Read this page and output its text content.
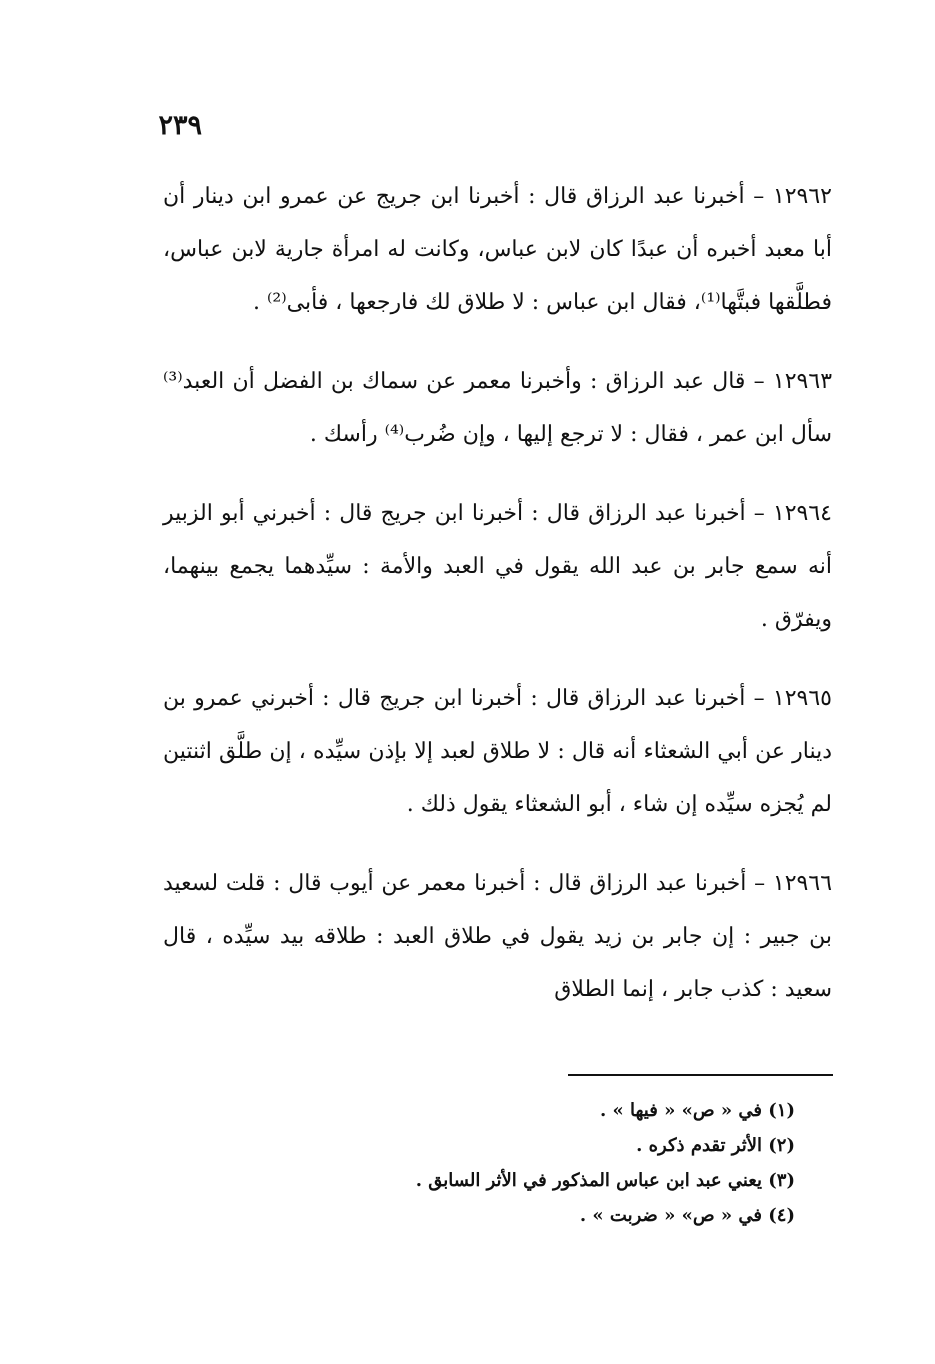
٢٣٩

١٢٩٦٢ – أخبرنا عبد الرزاق قال : أخبرنا ابن جريج عن عمرو ابن دينار أن أبا معبد أخبره أن عبدًا كان لابن عباس، وكانت له امرأة جارية لابن عباس، فطلَّقها فبتَّها⁽¹⁾، فقال ابن عباس : لا طلاق لك فارجعها ، فأبى⁽²⁾ .

١٢٩٦٣ – قال عبد الرزاق : وأخبرنا معمر عن سماك بن الفضل أن العبد⁽³⁾ سأل ابن عمر ، فقال : لا ترجع إليها ، وإن ضُرب⁽⁴⁾ رأسك .

١٢٩٦٤ – أخبرنا عبد الرزاق قال : أخبرنا ابن جريج قال : أخبرني أبو الزبير أنه سمع جابر بن عبد الله يقول في العبد والأمة : سيِّدهما يجمع بينهما، ويفرّق .

١٢٩٦٥ – أخبرنا عبد الرزاق قال : أخبرنا ابن جريج قال : أخبرني عمرو بن دينار عن أبي الشعثاء أنه قال : لا طلاق لعبد إلا بإذن سيِّده ، إن طلَّق اثنتين لم يُجزه سيِّده إن شاء ، أبو الشعثاء يقول ذلك .

١٢٩٦٦ – أخبرنا عبد الرزاق قال : أخبرنا معمر عن أيوب قال : قلت لسعيد بن جبير : إن جابر بن زيد يقول في طلاق العبد : طلاقه بيد سيِّده ، قال سعيد : كذب جابر ، إنما الطلاق

(١) في « ص» « فيها » .
(٢) الأثر تقدم ذكره .
(٣) يعني عبد ابن عباس المذكور في الأثر السابق .
(٤) في « ص» « ضربت » .
